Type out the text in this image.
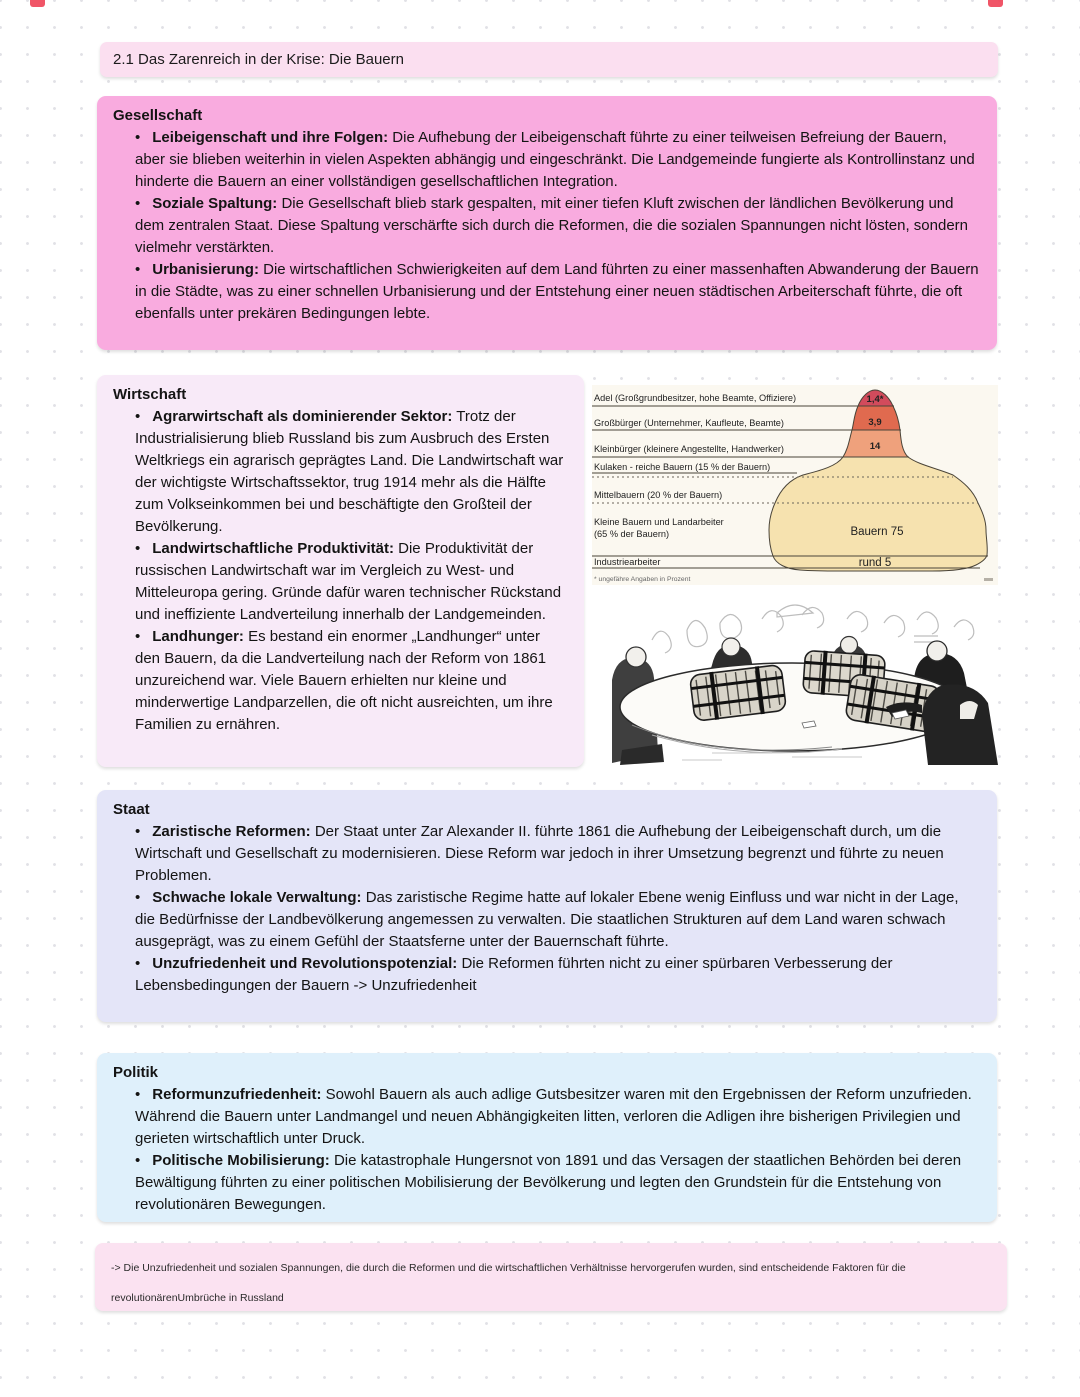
2.1 Das Zarenreich in der Krise: Die Bauern
Gesellschaft

• Leibeigenschaft und ihre Folgen: Die Aufhebung der Leibeigenschaft führte zu einer teilweisen Befreiung der Bauern, aber sie blieben weiterhin in vielen Aspekten abhängig und eingeschränkt. Die Landgemeinde fungierte als Kontrollinstanz und hinderte die Bauern an einer vollständigen gesellschaftlichen Integration.

• Soziale Spaltung: Die Gesellschaft blieb stark gespalten, mit einer tiefen Kluft zwischen der ländlichen Bevölkerung und dem zentralen Staat. Diese Spaltung verschärfte sich durch die Reformen, die die sozialen Spannungen nicht lösten, sondern vielmehr verstärkten.

• Urbanisierung: Die wirtschaftlichen Schwierigkeiten auf dem Land führten zu einer massenhaften Abwanderung der Bauern in die Städte, was zu einer schnellen Urbanisierung und der Entstehung einer neuen städtischen Arbeiterschaft führte, die oft ebenfalls unter prekären Bedingungen lebte.

Wirtschaft

• Agrarwirtschaft als dominierender Sektor: Trotz der Industrialisierung blieb Russland bis zum Ausbruch des Ersten Weltkriegs ein agrarisch geprägtes Land. Die Landwirtschaft war der wichtigste Wirtschaftssektor, trug 1914 mehr als die Hälfte zum Volkseinkommen bei und beschäftigte den Großteil der Bevölkerung.

• Landwirtschaftliche Produktivität: Die Produktivität der russischen Landwirtschaft war im Vergleich zu West- und Mitteleuropa gering. Gründe dafür waren technischer Rückstand und ineffiziente Landverteilung innerhalb der Landgemeinden.

• Landhunger: Es bestand ein enormer „Landhunger“ unter den Bauern, da die Landverteilung nach der Reform von 1861 unzureichend war. Viele Bauern erhielten nur kleine und minderwertige Landparzellen, die oft nicht ausreichten, um ihre Familien zu ernähren.

Adel (Großgrundbesitzer, hohe Beamte, Offiziere)
Großbürger (Unternehmer, Kaufleute, Beamte)
Kleinbürger (kleinere Angestellte, Handwerker)
Kulaken - reiche Bauern (15 % der Bauern)
Mittelbauern (20 % der Bauern)
Kleine Bauern und Landarbeiter
(65 % der Bauern)
Industriearbeiter
1,4*
3,9
14
Bauern 75
rund 5
* ungefähre Angaben in Prozent
Staat

• Zaristische Reformen: Der Staat unter Zar Alexander II. führte 1861 die Aufhebung der Leibeigenschaft durch, um die Wirtschaft und Gesellschaft zu modernisieren. Diese Reform war jedoch in ihrer Umsetzung begrenzt und führte zu neuen Problemen.

• Schwache lokale Verwaltung: Das zaristische Regime hatte auf lokaler Ebene wenig Einfluss und war nicht in der Lage, die Bedürfnisse der Landbevölkerung angemessen zu verwalten. Die staatlichen Strukturen auf dem Land waren schwach ausgeprägt, was zu einem Gefühl der Staatsferne unter der Bauernschaft führte.

• Unzufriedenheit und Revolutionspotenzial: Die Reformen führten nicht zu einer spürbaren Verbesserung der Lebensbedingungen der Bauern -> Unzufriedenheit

Politik

• Reformunzufriedenheit: Sowohl Bauern als auch adlige Gutsbesitzer waren mit den Ergebnissen der Reform unzufrieden. Während die Bauern unter Landmangel und neuen Abhängigkeiten litten, verloren die Adligen ihre bisherigen Privilegien und gerieten wirtschaftlich unter Druck.

• Politische Mobilisierung: Die katastrophale Hungersnot von 1891 und das Versagen der staatlichen Behörden bei deren Bewältigung führten zu einer politischen Mobilisierung der Bevölkerung und legten den Grundstein für die Entstehung von revolutionären Bewegungen.

-> Die Unzufriedenheit und sozialen Spannungen, die durch die Reformen und die wirtschaftlichen Verhältnisse hervorgerufen wurden, sind entscheidende Faktoren für die revolutionärenUmbrüche in Russland
